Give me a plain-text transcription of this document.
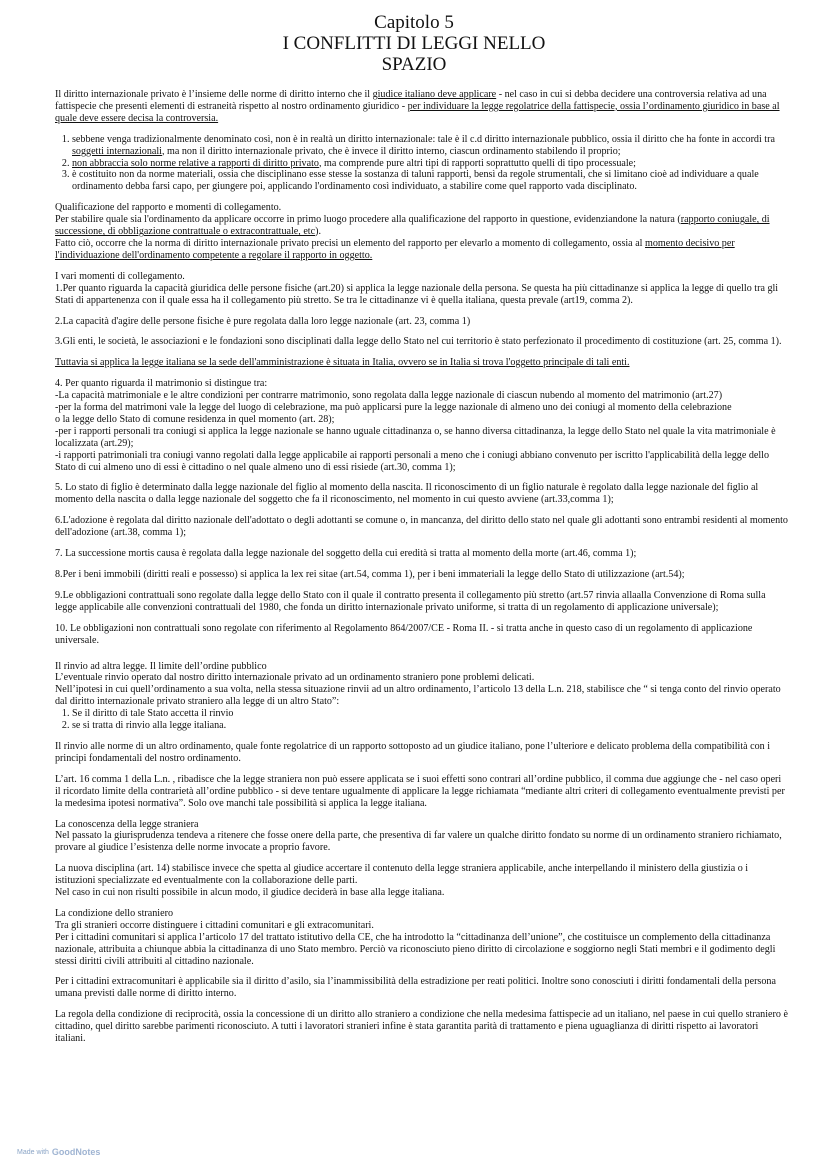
Capitolo 5
I CONFLITTI DI LEGGI NELLO
SPAZIO

Il diritto internazionale privato è l’insieme delle norme di diritto interno che il giudice italiano deve applicare - nel caso in cui si debba decidere una controversia relativa ad una fattispecie che presenti elementi di estraneità rispetto al nostro ordinamento giuridico - per individuare la legge regolatrice della fattispecie, ossia l’ordinamento giuridico in base al quale deve essere decisa la controversia.

1. sebbene venga tradizionalmente denominato così, non è in realtà un diritto internazionale: tale è il c.d diritto internazionale pubblico, ossia il diritto che ha fonte in accordi tra soggetti internazionali, ma non il diritto internazionale privato, che è invece il diritto interno, ciascun ordinamento stabilendo il proprio;
2. non abbraccia solo norme relative a rapporti di diritto privato, ma comprende pure altri tipi di rapporti soprattutto quelli di tipo processuale;
3. è costituito non da norme materiali, ossia che disciplinano esse stesse la sostanza di taluni rapporti, bensì da regole strumentali, che si limitano cioè ad individuare a quale ordinamento debba farsi capo, per giungere poi, applicando l'ordinamento così individuato, a stabilire come quel rapporto vada disciplinato.

Qualificazione del rapporto e momenti di collegamento.
Per stabilire quale sia l'ordinamento da applicare occorre in primo luogo procedere alla qualificazione del rapporto in questione, evidenziandone la natura (rapporto coniugale, di successione, di obbligazione contrattuale o extracontrattuale, etc).
Fatto ciò, occorre che la norma di diritto internazionale privato precisi un elemento del rapporto per elevarlo a momento di collegamento, ossia al momento decisivo per l'individuazione dell'ordinamento competente a regolare il rapporto in oggetto.

I vari momenti di collegamento.
1.Per quanto riguarda la capacità giuridica delle persone fisiche (art.20) si applica la legge nazionale della persona. Se questa ha più cittadinanze si applica la legge di quello tra gli Stati di appartenenza con il quale essa ha il collegamento più stretto. Se tra le cittadinanze vi è quella italiana, questa prevale (art19, comma 2).

2.La capacità d'agire delle persone fisiche è pure regolata dalla loro legge nazionale (art. 23, comma 1)

3.Gli enti, le società, le associazioni e le fondazioni sono disciplinati dalla legge dello Stato nel cui territorio è stato perfezionato il procedimento di costituzione (art. 25, comma 1).

Tuttavia si applica la legge italiana se la sede dell'amministrazione è situata in Italia, ovvero se in Italia si trova l'oggetto principale di tali enti.

4. Per quanto riguarda il matrimonio si distingue tra:
-La capacità matrimoniale e le altre condizioni per contrarre matrimonio, sono regolata dalla legge nazionale di ciascun nubendo al momento del matrimonio (art.27)
-per la forma del matrimoni vale la legge del luogo di celebrazione, ma può applicarsi pure la legge nazionale di almeno uno dei coniugi al momento della celebrazione
o la legge dello Stato di comune residenza in quel momento (art. 28);
-per i rapporti personali tra coniugi si applica la legge nazionale se hanno uguale cittadinanza o, se hanno diversa cittadinanza, la legge dello Stato nel quale la vita matrimoniale è localizzata (art.29);
-i rapporti patrimoniali tra coniugi vanno regolati dalla legge applicabile ai rapporti personali a meno che i coniugi abbiano convenuto per iscritto l'applicabilità della legge dello Stato di cui almeno uno di essi è cittadino o nel quale almeno uno di essi risiede (art.30, comma 1);

5. Lo stato di figlio è determinato dalla legge nazionale del figlio al momento della nascita. Il riconoscimento di un figlio naturale è regolato dalla legge nazionale del figlio al momento della nascita o dalla legge nazionale del soggetto che fa il riconoscimento, nel momento in cui questo avviene (art.33,comma 1);

6.L'adozione è regolata dal diritto nazionale dell'adottato o degli adottanti se comune o, in mancanza, del diritto dello stato nel quale gli adottanti sono entrambi residenti al momento dell'adozione (art.38, comma 1);

7. La successione mortis causa è regolata dalla legge nazionale del soggetto della cui eredità si tratta al momento della morte (art.46, comma 1);

8.Per i beni immobili (diritti reali e possesso) si applica la lex rei sitae (art.54, comma 1), per i beni immateriali la legge dello Stato di utilizzazione (art.54);

9.Le obbligazioni contrattuali sono regolate dalla legge dello Stato con il quale il contratto presenta il collegamento più stretto (art.57 rinvia allaalla Convenzione di Roma sulla legge applicabile alle convenzioni contrattuali del 1980, che fonda un diritto internazionale privato uniforme, si tratta di un regolamento di applicazione universale);

10. Le obbligazioni non contrattuali sono regolate con riferimento al Regolamento 864/2007/CE - Roma II. - si tratta anche in questo caso di un regolamento di applicazione universale.

Il rinvio ad altra legge. Il limite dell’ordine pubblico
L’eventuale rinvio operato dal nostro diritto internazionale privato ad un ordinamento straniero pone problemi delicati.
Nell’ipotesi in cui quell’ordinamento a sua volta, nella stessa situazione rinvii ad un altro ordinamento, l’articolo 13 della L.n. 218, stabilisce che “ si tenga conto del rinvio operato dal diritto internazionale privato straniero alla legge di un altro Stato”:
1. Se il diritto di tale Stato accetta il rinvio
2. se si tratta di rinvio alla legge italiana.

Il rinvio alle norme di un altro ordinamento, quale fonte regolatrice di un rapporto sottoposto ad un giudice italiano, pone l’ulteriore e delicato problema della compatibilità con i principi fondamentali del nostro ordinamento.

L’art. 16 comma 1 della L.n. , ribadisce che la legge straniera non può essere applicata se i suoi effetti sono contrari all’ordine pubblico, il comma due aggiunge che - nel caso operi il ricordato limite della contrarietà all’ordine pubblico - si deve tentare ugualmente di applicare la legge richiamata “mediante altri criteri di collegamento eventualmente previsti per la medesima ipotesi normativa”. Solo ove manchi tale possibilità si applica la legge italiana.

La conoscenza della legge straniera

Nel passato la giurisprudenza tendeva a ritenere che fosse onere della parte, che presentiva di far valere un qualche diritto fondato su norme di un ordinamento straniero richiamato, provare al giudice l’esistenza delle norme invocate a proprio favore.

La nuova disciplina (art. 14) stabilisce invece che spetta al giudice accertare il contenuto della legge straniera applicabile, anche interpellando il ministero della giustizia o i istituzioni specializzate ed eventualmente con la collaborazione delle parti.

Nel caso in cui non risulti possibile in alcun modo, il giudice deciderà in base alla legge italiana.

La condizione dello straniero
Tra gli stranieri occorre distinguere i cittadini comunitari e gli extracomunitari.

Per i cittadini comunitari si applica l’articolo 17 del trattato istitutivo della CE, che ha introdotto la “cittadinanza dell’unione”, che costituisce un complemento della cittadinanza nazionale, attribuita a chiunque abbia la cittadinanza di uno Stato membro. Perciò va riconosciuto pieno diritto di circolazione e soggiorno negli Stati membri e il godimento degli stessi diritti civili attribuiti al cittadino nazionale.

Per i cittadini extracomunitari è applicabile sia il diritto d’asilo, sia l’inammissibilità della estradizione per reati politici. Inoltre sono conosciuti i diritti fondamentali della persona umana previsti dalle norme di diritto interno.

La regola della condizione di reciprocità, ossia la concessione di un diritto allo straniero a condizione che nella medesima fattispecie ad un italiano, nel paese in cui quello straniero è cittadino, quel diritto sarebbe parimenti riconosciuto. A tutti i lavoratori stranieri infine è stata garantita parità di trattamento e piena uguaglianza di diritti rispetto ai lavoratori italiani.

Made with GoodNotes
